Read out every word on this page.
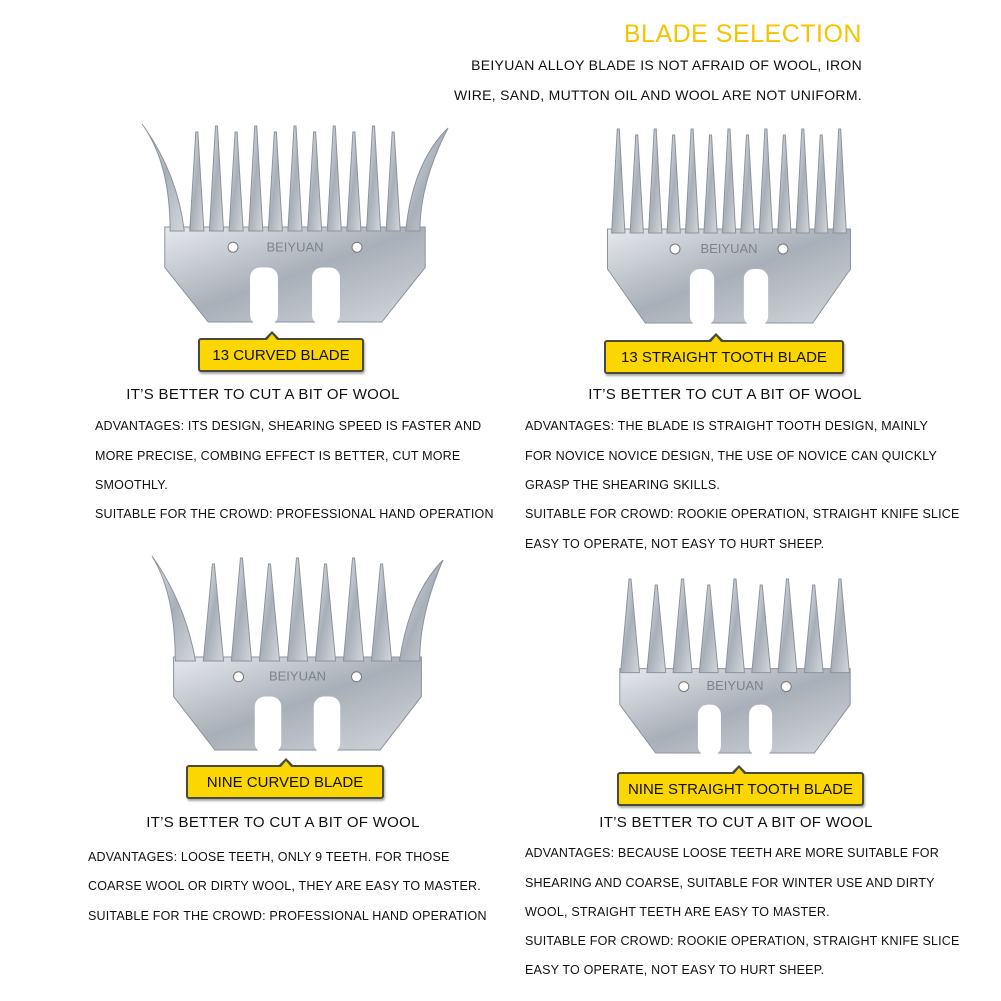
BLADE SELECTION
BEIYUAN ALLOY BLADE IS NOT AFRAID OF WOOL, IRON
WIRE, SAND, MUTTON OIL AND WOOL ARE NOT UNIFORM.
BEIYUAN
13 CURVED BLADE
IT’S BETTER TO CUT A BIT OF WOOL
ADVANTAGES: ITS DESIGN, SHEARING SPEED IS FASTER AND
MORE PRECISE, COMBING EFFECT IS BETTER, CUT MORE
SMOOTHLY.
SUITABLE FOR THE CROWD: PROFESSIONAL HAND OPERATION
BEIYUAN
13 STRAIGHT TOOTH BLADE
IT’S BETTER TO CUT A BIT OF WOOL
ADVANTAGES: THE BLADE IS STRAIGHT TOOTH DESIGN, MAINLY
FOR NOVICE NOVICE DESIGN, THE USE OF NOVICE CAN QUICKLY
GRASP THE SHEARING SKILLS.
SUITABLE FOR CROWD: ROOKIE OPERATION, STRAIGHT KNIFE SLICE
EASY TO OPERATE, NOT EASY TO HURT SHEEP.
BEIYUAN
NINE CURVED BLADE
IT’S BETTER TO CUT A BIT OF WOOL
ADVANTAGES: LOOSE TEETH, ONLY 9 TEETH. FOR THOSE
COARSE WOOL OR DIRTY WOOL, THEY ARE EASY TO MASTER.
SUITABLE FOR THE CROWD: PROFESSIONAL HAND OPERATION
BEIYUAN
NINE STRAIGHT TOOTH BLADE
IT’S BETTER TO CUT A BIT OF WOOL
ADVANTAGES: BECAUSE LOOSE TEETH ARE MORE SUITABLE FOR
SHEARING AND COARSE, SUITABLE FOR WINTER USE AND DIRTY
WOOL, STRAIGHT TEETH ARE EASY TO MASTER.
SUITABLE FOR CROWD: ROOKIE OPERATION, STRAIGHT KNIFE SLICE
EASY TO OPERATE, NOT EASY TO HURT SHEEP.
